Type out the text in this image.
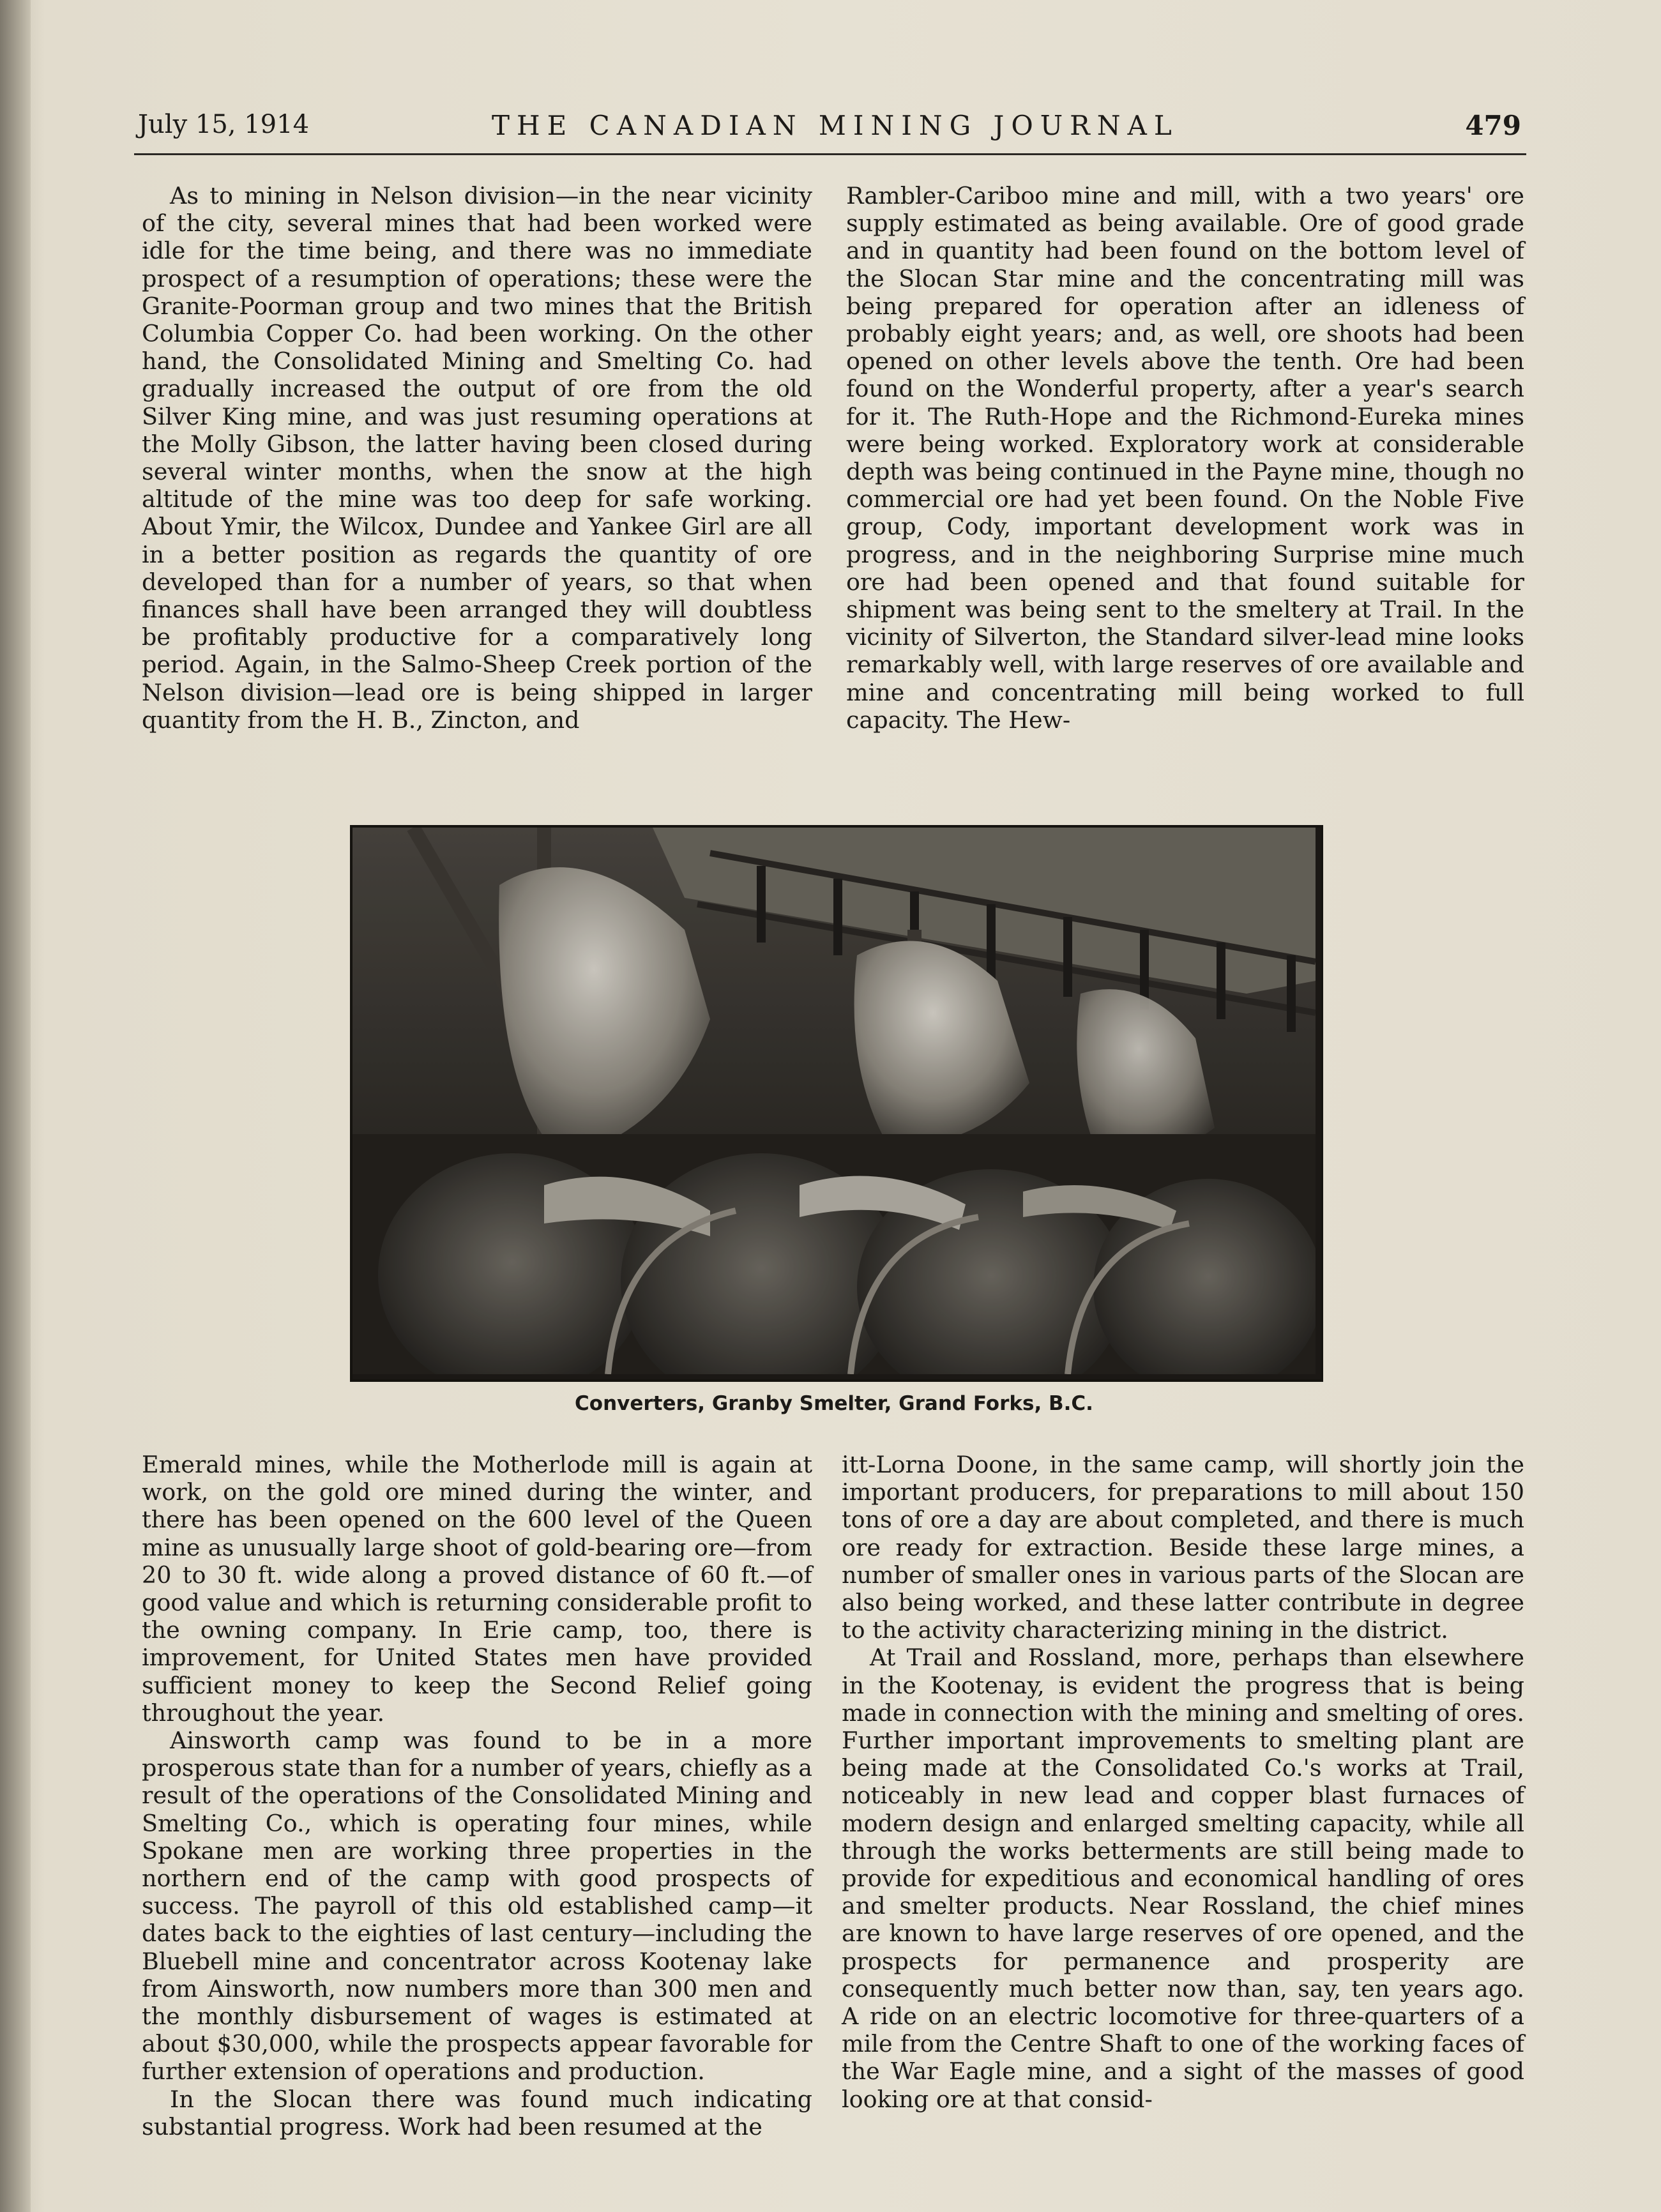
July 15, 1914	THE CANADIAN MINING JOURNAL	479

As to mining in Nelson division—in the near vicinity of the city, several mines that had been worked were idle for the time being, and there was no immediate prospect of a resumption of operations; these were the Granite-Poorman group and two mines that the British Columbia Copper Co. had been working. On the other hand, the Consolidated Mining and Smelting Co. had gradually increased the output of ore from the old Silver King mine, and was just resuming operations at the Molly Gibson, the latter having been closed during several winter months, when the snow at the high altitude of the mine was too deep for safe working. About Ymir, the Wilcox, Dundee and Yankee Girl are all in a better position as regards the quantity of ore developed than for a number of years, so that when finances shall have been arranged they will doubtless be profitably productive for a comparatively long period. Again, in the Salmo-Sheep Creek portion of the Nelson division—lead ore is being shipped in larger quantity from the H. B., Zincton, and

Rambler-Cariboo mine and mill, with a two years' ore supply estimated as being available. Ore of good grade and in quantity had been found on the bottom level of the Slocan Star mine and the concentrating mill was being prepared for operation after an idleness of probably eight years; and, as well, ore shoots had been opened on other levels above the tenth. Ore had been found on the Wonderful property, after a year's search for it. The Ruth-Hope and the Richmond-Eureka mines were being worked. Exploratory work at considerable depth was being continued in the Payne mine, though no commercial ore had yet been found. On the Noble Five group, Cody, important development work was in progress, and in the neighboring Surprise mine much ore had been opened and that found suitable for shipment was being sent to the smeltery at Trail. In the vicinity of Silverton, the Standard silver-lead mine looks remarkably well, with large reserves of ore available and mine and concentrating mill being worked to full capacity. The Hew-

Converters, Granby Smelter, Grand Forks, B.C.

Emerald mines, while the Motherlode mill is again at work, on the gold ore mined during the winter, and there has been opened on the 600 level of the Queen mine as unusually large shoot of gold-bearing ore—from 20 to 30 ft. wide along a proved distance of 60 ft.—of good value and which is returning considerable profit to the owning company. In Erie camp, too, there is improvement, for United States men have provided sufficient money to keep the Second Relief going throughout the year.

Ainsworth camp was found to be in a more prosperous state than for a number of years, chiefly as a result of the operations of the Consolidated Mining and Smelting Co., which is operating four mines, while Spokane men are working three properties in the northern end of the camp with good prospects of success. The payroll of this old established camp—it dates back to the eighties of last century—including the Bluebell mine and concentrator across Kootenay lake from Ainsworth, now numbers more than 300 men and the monthly disbursement of wages is estimated at about $30,000, while the prospects appear favorable for further extension of operations and production.

In the Slocan there was found much indicating substantial progress. Work had been resumed at the

itt-Lorna Doone, in the same camp, will shortly join the important producers, for preparations to mill about 150 tons of ore a day are about completed, and there is much ore ready for extraction. Beside these large mines, a number of smaller ones in various parts of the Slocan are also being worked, and these latter contribute in degree to the activity characterizing mining in the district.

At Trail and Rossland, more, perhaps than elsewhere in the Kootenay, is evident the progress that is being made in connection with the mining and smelting of ores. Further important improvements to smelting plant are being made at the Consolidated Co.'s works at Trail, noticeably in new lead and copper blast furnaces of modern design and enlarged smelting capacity, while all through the works betterments are still being made to provide for expeditious and economical handling of ores and smelter products. Near Rossland, the chief mines are known to have large reserves of ore opened, and the prospects for permanence and prosperity are consequently much better now than, say, ten years ago. A ride on an electric locomotive for three-quarters of a mile from the Centre Shaft to one of the working faces of the War Eagle mine, and a sight of the masses of good looking ore at that consid-
